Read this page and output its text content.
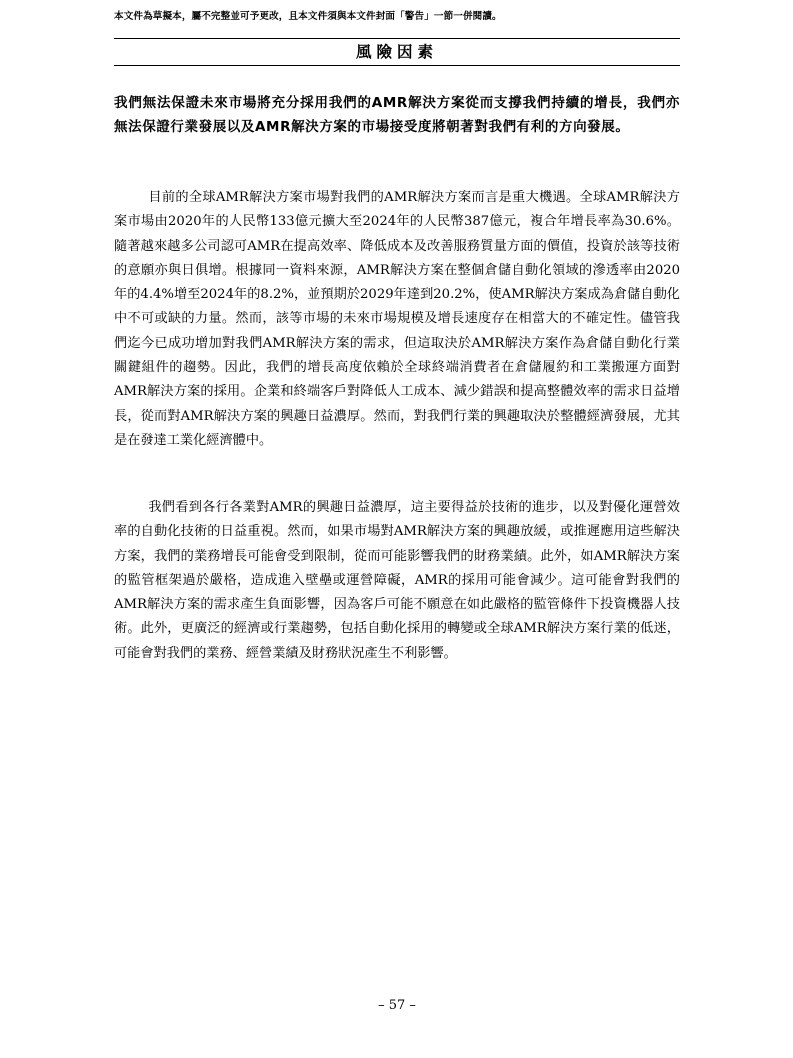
本文件為草擬本，屬不完整並可予更改，且本文件須與本文件封面「警告」一節一併閱讀。
風險因素

我們無法保證未來市場將充分採用我們的AMR解決方案從而支撐我們持續的增長，我們亦無法保證行業發展以及AMR解決方案的市場接受度將朝著對我們有利的方向發展。

目前的全球AMR解決方案市場對我們的AMR解決方案而言是重大機遇。全球AMR解決方案市場由2020年的人民幣133億元擴大至2024年的人民幣387億元，複合年增長率為30.6%。隨著越來越多公司認可AMR在提高效率、降低成本及改善服務質量方面的價值，投資於該等技術的意願亦與日俱增。根據同一資料來源，AMR解決方案在整個倉儲自動化領域的滲透率由2020年的4.4%增至2024年的8.2%，並預期於2029年達到20.2%，使AMR解決方案成為倉儲自動化中不可或缺的力量。然而，該等市場的未來市場規模及增長速度存在相當大的不確定性。儘管我們迄今已成功增加對我們AMR解決方案的需求，但這取決於AMR解決方案作為倉儲自動化行業關鍵組件的趨勢。因此，我們的增長高度依賴於全球終端消費者在倉儲履約和工業搬運方面對AMR解決方案的採用。企業和終端客戶對降低人工成本、減少錯誤和提高整體效率的需求日益增長，從而對AMR解決方案的興趣日益濃厚。然而，對我們行業的興趣取決於整體經濟發展，尤其是在發達工業化經濟體中。

我們看到各行各業對AMR的興趣日益濃厚，這主要得益於技術的進步，以及對優化運營效率的自動化技術的日益重視。然而，如果市場對AMR解決方案的興趣放緩，或推遲應用這些解決方案，我們的業務增長可能會受到限制，從而可能影響我們的財務業績。此外，如AMR解決方案的監管框架過於嚴格，造成進入壁壘或運營障礙，AMR的採用可能會減少。這可能會對我們的AMR解決方案的需求產生負面影響，因為客戶可能不願意在如此嚴格的監管條件下投資機器人技術。此外，更廣泛的經濟或行業趨勢，包括自動化採用的轉變或全球AMR解決方案行業的低迷，可能會對我們的業務、經營業績及財務狀況產生不利影響。

– 57 –
